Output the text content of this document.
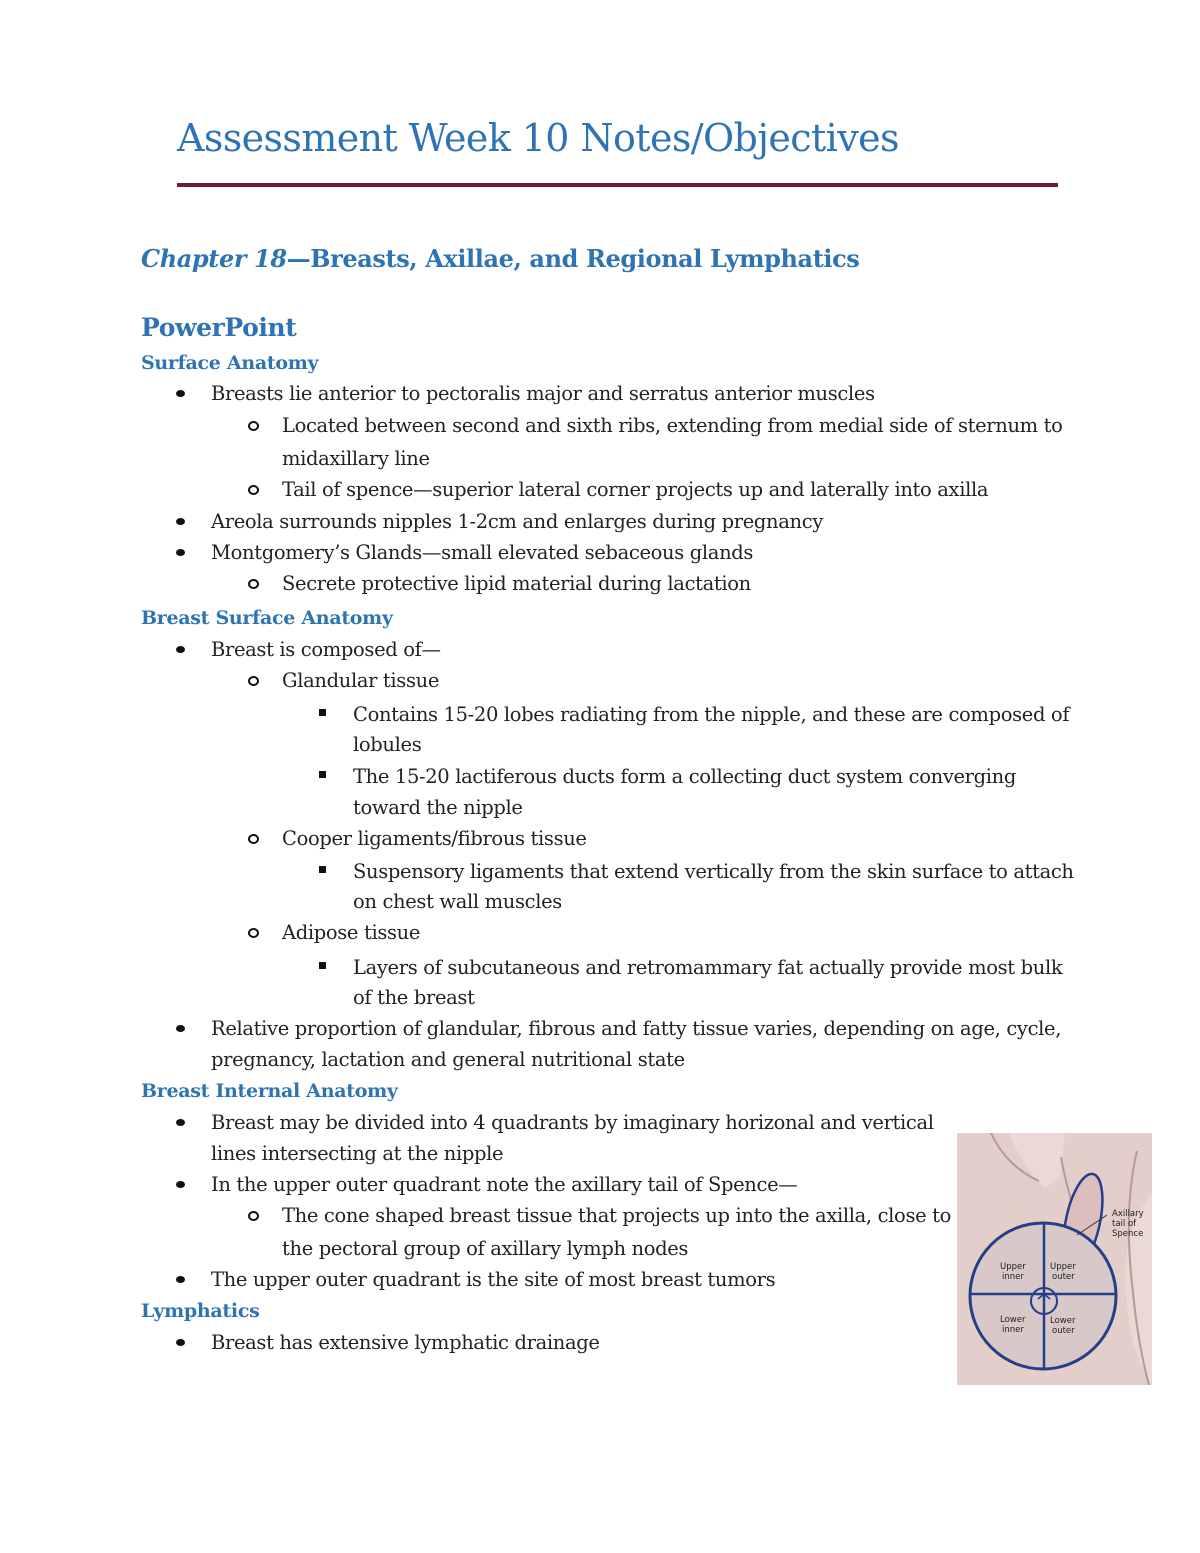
Assessment Week 10 Notes/Objectives
Chapter 18—Breasts, Axillae, and Regional Lymphatics
PowerPoint
Surface Anatomy
Breasts lie anterior to pectoralis major and serratus anterior muscles
Located between second and sixth ribs, extending from medial side of sternum to
midaxillary line
Tail of spence—superior lateral corner projects up and laterally into axilla
Areola surrounds nipples 1-2cm and enlarges during pregnancy
Montgomery’s Glands—small elevated sebaceous glands
Secrete protective lipid material during lactation
Breast Surface Anatomy
Breast is composed of—
Glandular tissue
Contains 15-20 lobes radiating from the nipple, and these are composed of
lobules
The 15-20 lactiferous ducts form a collecting duct system converging
toward the nipple
Cooper ligaments/fibrous tissue
Suspensory ligaments that extend vertically from the skin surface to attach
on chest wall muscles
Adipose tissue
Layers of subcutaneous and retromammary fat actually provide most bulk
of the breast
Relative proportion of glandular, fibrous and fatty tissue varies, depending on age, cycle,
pregnancy, lactation and general nutritional state
Breast Internal Anatomy
Breast may be divided into 4 quadrants by imaginary horizonal and vertical
lines intersecting at the nipple
In the upper outer quadrant note the axillary tail of Spence—
The cone shaped breast tissue that projects up into the axilla, close to
the pectoral group of axillary lymph nodes
The upper outer quadrant is the site of most breast tumors
Lymphatics
Breast has extensive lymphatic drainage
Axillary
tail of
Spence
Upper
inner
Upper
outer
Lower
inner
Lower
outer
